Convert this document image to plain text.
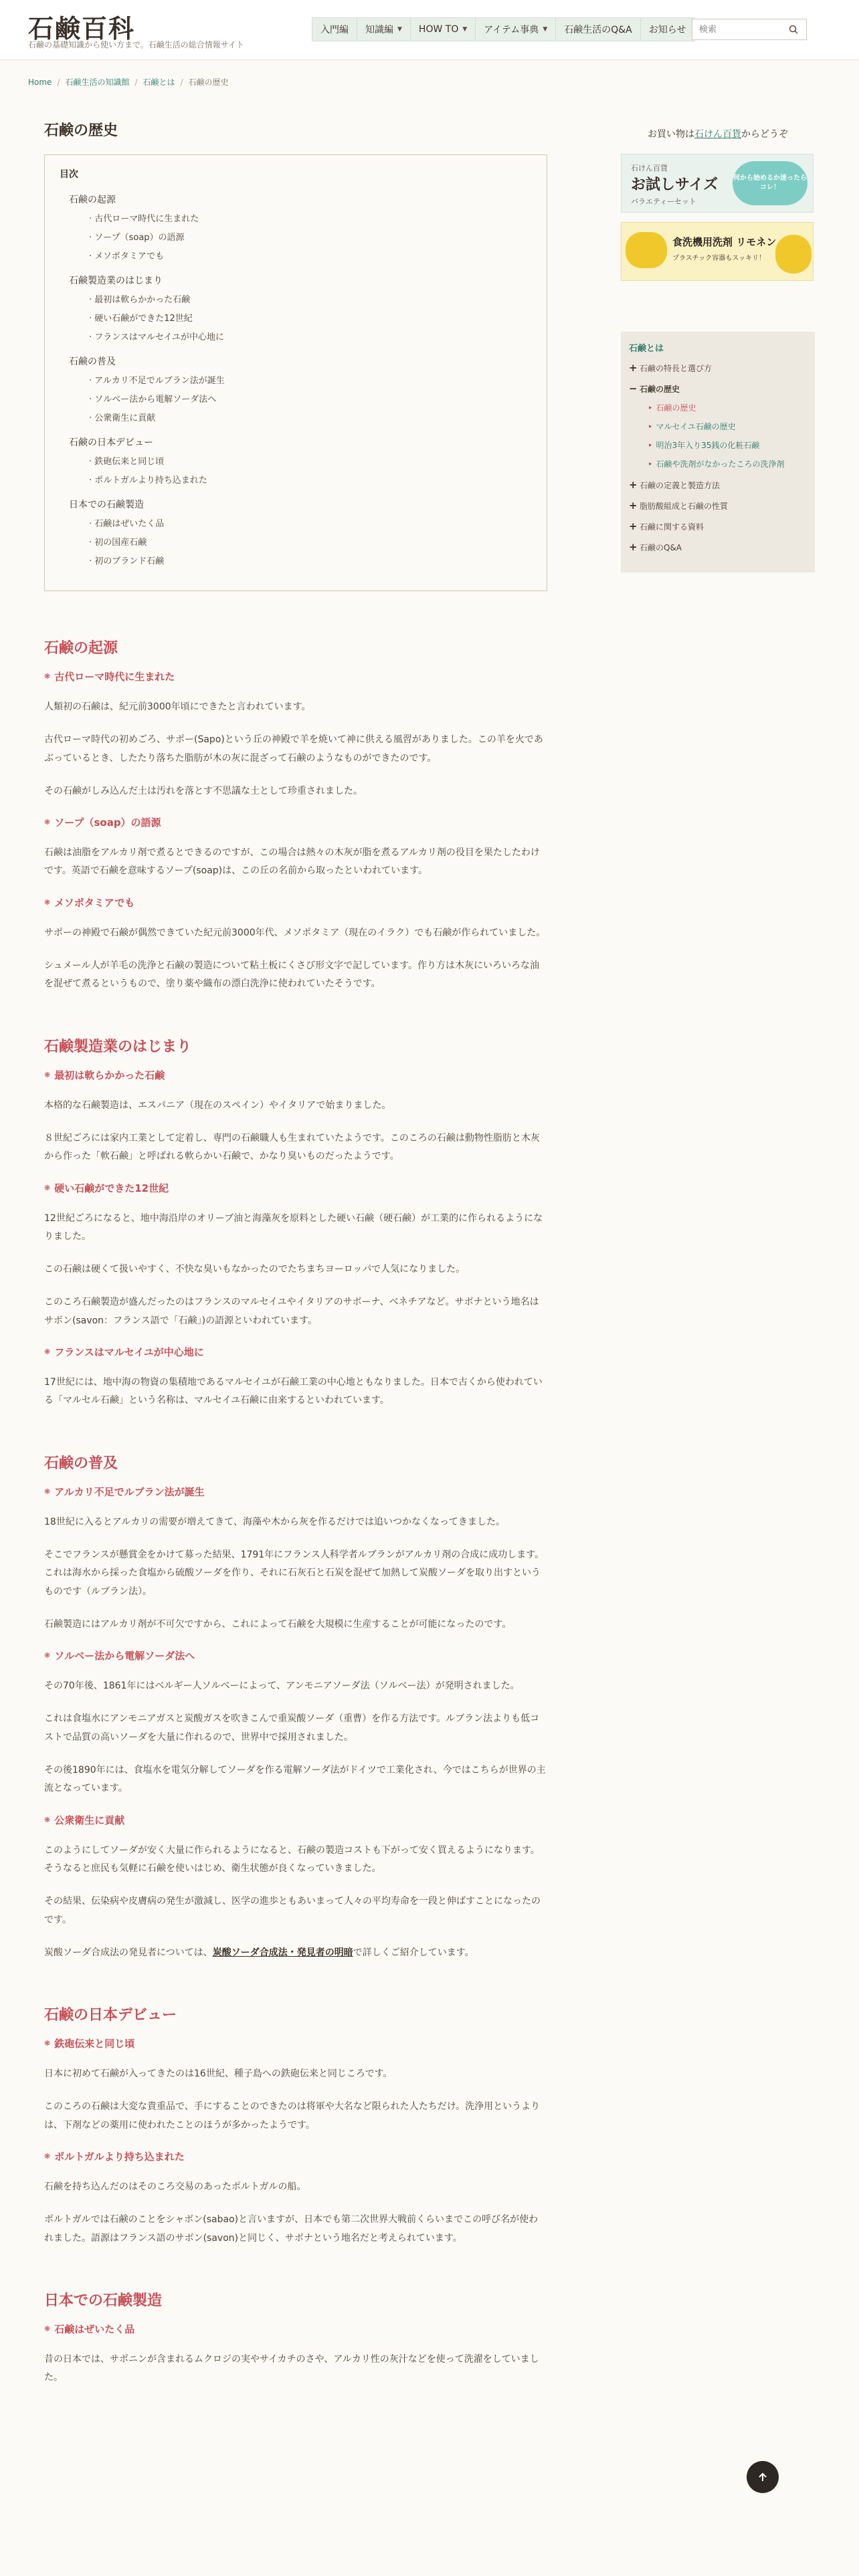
石鹸百科
石鹸の基礎知識から使い方まで。石鹸生活の総合情報サイト
入門編 知識編 ▼ HOW TO ▼ アイテム事典 ▼ 石鹸生活のQ&A お知らせ
検索
Home / 石鹸生活の知識館 / 石鹸とは / 石鹸の歴史
石鹸の歴史
目次
石鹸の起源
· 古代ローマ時代に生まれた
· ソープ（soap）の語源
· メソポタミアでも
石鹸製造業のはじまり
· 最初は軟らかかった石鹸
· 硬い石鹸ができた12世紀
· フランスはマルセイユが中心地に
石鹸の普及
· アルカリ不足でルブラン法が誕生
· ソルベー法から電解ソーダ法へ
· 公衆衛生に貢献
石鹸の日本デビュー
· 鉄砲伝来と同じ頃
· ポルトガルより持ち込まれた
日本での石鹸製造
· 石鹸はぜいたく品
· 初の国産石鹸
· 初のブランド石鹸
石鹸の起源
❋ 古代ローマ時代に生まれた

人類初の石鹸は、紀元前3000年頃にできたと言われています。

古代ローマ時代の初めごろ、サポー(Sapo)という丘の神殿で羊を焼いて神に供える風習がありました。この羊を火であぶっているとき、したたり落ちた脂肪が木の灰に混ざって石鹸のようなものができたのです。

その石鹸がしみ込んだ土は汚れを落とす不思議な土として珍重されました。

❋ ソープ（soap）の語源

石鹸は油脂をアルカリ剤で煮るとできるのですが、この場合は熱々の木灰が脂を煮るアルカリ剤の役目を果たしたわけです。英語で石鹸を意味するソープ(soap)は、この丘の名前から取ったといわれています。

❋ メソポタミアでも

サポーの神殿で石鹸が偶然できていた紀元前3000年代、メソポタミア（現在のイラク）でも石鹸が作られていました。

シュメール人が羊毛の洗浄と石鹸の製造について粘土板にくさび形文字で記しています。作り方は木灰にいろいろな油を混ぜて煮るというもので、塗り薬や織布の漂白洗浄に使われていたそうです。

石鹸製造業のはじまり
❋ 最初は軟らかかった石鹸

本格的な石鹸製造は、エスパニア（現在のスペイン）やイタリアで始まりました。

８世紀ごろには家内工業として定着し、専門の石鹸職人も生まれていたようです。このころの石鹸は動物性脂肪と木灰から作った「軟石鹸」と呼ばれる軟らかい石鹸で、かなり臭いものだったようです。

❋ 硬い石鹸ができた12世紀

12世紀ごろになると、地中海沿岸のオリーブ油と海藻灰を原料とした硬い石鹸（硬石鹸）が工業的に作られるようになりました。

この石鹸は硬くて扱いやすく、不快な臭いもなかったのでたちまちヨーロッパで人気になりました。

このころ石鹸製造が盛んだったのはフランスのマルセイユやイタリアのサボーナ、ベネチアなど。サボナという地名はサボン(savon：フランス語で「石鹸」)の語源といわれています。

❋ フランスはマルセイユが中心地に

17世紀には、地中海の物資の集積地であるマルセイユが石鹸工業の中心地ともなりました。日本で古くから使われている「マルセル石鹸」という名称は、マルセイユ石鹸に由来するといわれています。

石鹸の普及
❋ アルカリ不足でルブラン法が誕生

18世紀に入るとアルカリの需要が増えてきて、海藻や木から灰を作るだけでは追いつかなくなってきました。

そこでフランスが懸賞金をかけて募った結果、1791年にフランス人科学者ルブランがアルカリ剤の合成に成功します。これは海水から採った食塩から硫酸ソーダを作り、それに石灰石と石炭を混ぜて加熱して炭酸ソーダを取り出すというものです（ルブラン法）。

石鹸製造にはアルカリ剤が不可欠ですから、これによって石鹸を大規模に生産することが可能になったのです。

❋ ソルベー法から電解ソーダ法へ

その70年後、1861年にはベルギー人ソルベーによって、アンモニアソーダ法（ソルベー法）が発明されました。

これは食塩水にアンモニアガスと炭酸ガスを吹きこんで重炭酸ソーダ（重曹）を作る方法です。ルブラン法よりも低コストで品質の高いソーダを大量に作れるので、世界中で採用されました。

その後1890年には、食塩水を電気分解してソーダを作る電解ソーダ法がドイツで工業化され、今ではこちらが世界の主流となっています。

❋ 公衆衛生に貢献

このようにしてソーダが安く大量に作られるようになると、石鹸の製造コストも下がって安く買えるようになります。そうなると庶民も気軽に石鹸を使いはじめ、衛生状態が良くなっていきました。

その結果、伝染病や皮膚病の発生が激減し、医学の進歩ともあいまって人々の平均寿命を一段と伸ばすことになったのです。

炭酸ソーダ合成法の発見者については、炭酸ソーダ合成法・発見者の明暗で詳しくご紹介しています。

石鹸の日本デビュー
❋ 鉄砲伝来と同じ頃

日本に初めて石鹸が入ってきたのは16世紀、種子島への鉄砲伝来と同じころです。

このころの石鹸は大変な貴重品で、手にすることのできたのは将軍や大名など限られた人たちだけ。洗浄用というよりは、下剤などの薬用に使われたことのほうが多かったようです。

❋ ポルトガルより持ち込まれた

石鹸を持ち込んだのはそのころ交易のあったポルトガルの船。

ポルトガルでは石鹸のことをシャボン(sabao)と言いますが、日本でも第二次世界大戦前くらいまでこの呼び名が使われました。語源はフランス語のサボン(savon)と同じく、サボナという地名だと考えられています。

日本での石鹸製造
❋ 石鹸はぜいたく品

昔の日本では、サポニンが含まれるムクロジの実やサイカチのさや、アルカリ性の灰汁などを使って洗濯をしていました。

お買い物は石けん百貨からどうぞ
石けん百貨
お試しサイズ
バラエティーセット
何から始めるか迷ったらコレ！
食洗機用洗剤 リモネン
プラスチック容器もスッキリ！
石鹸とは
+ 石鹸の特長と選び方
− 石鹸の歴史
▸ 石鹸の歴史
▸ マルセイユ石鹸の歴史
▸ 明治3年入り35銭の化粧石鹸
▸ 石鹸や洗剤がなかったころの洗浄剤
+ 石鹸の定義と製造方法
+ 脂肪酸組成と石鹸の性質
+ 石鹸に関する資料
+ 石鹸のQ&A
